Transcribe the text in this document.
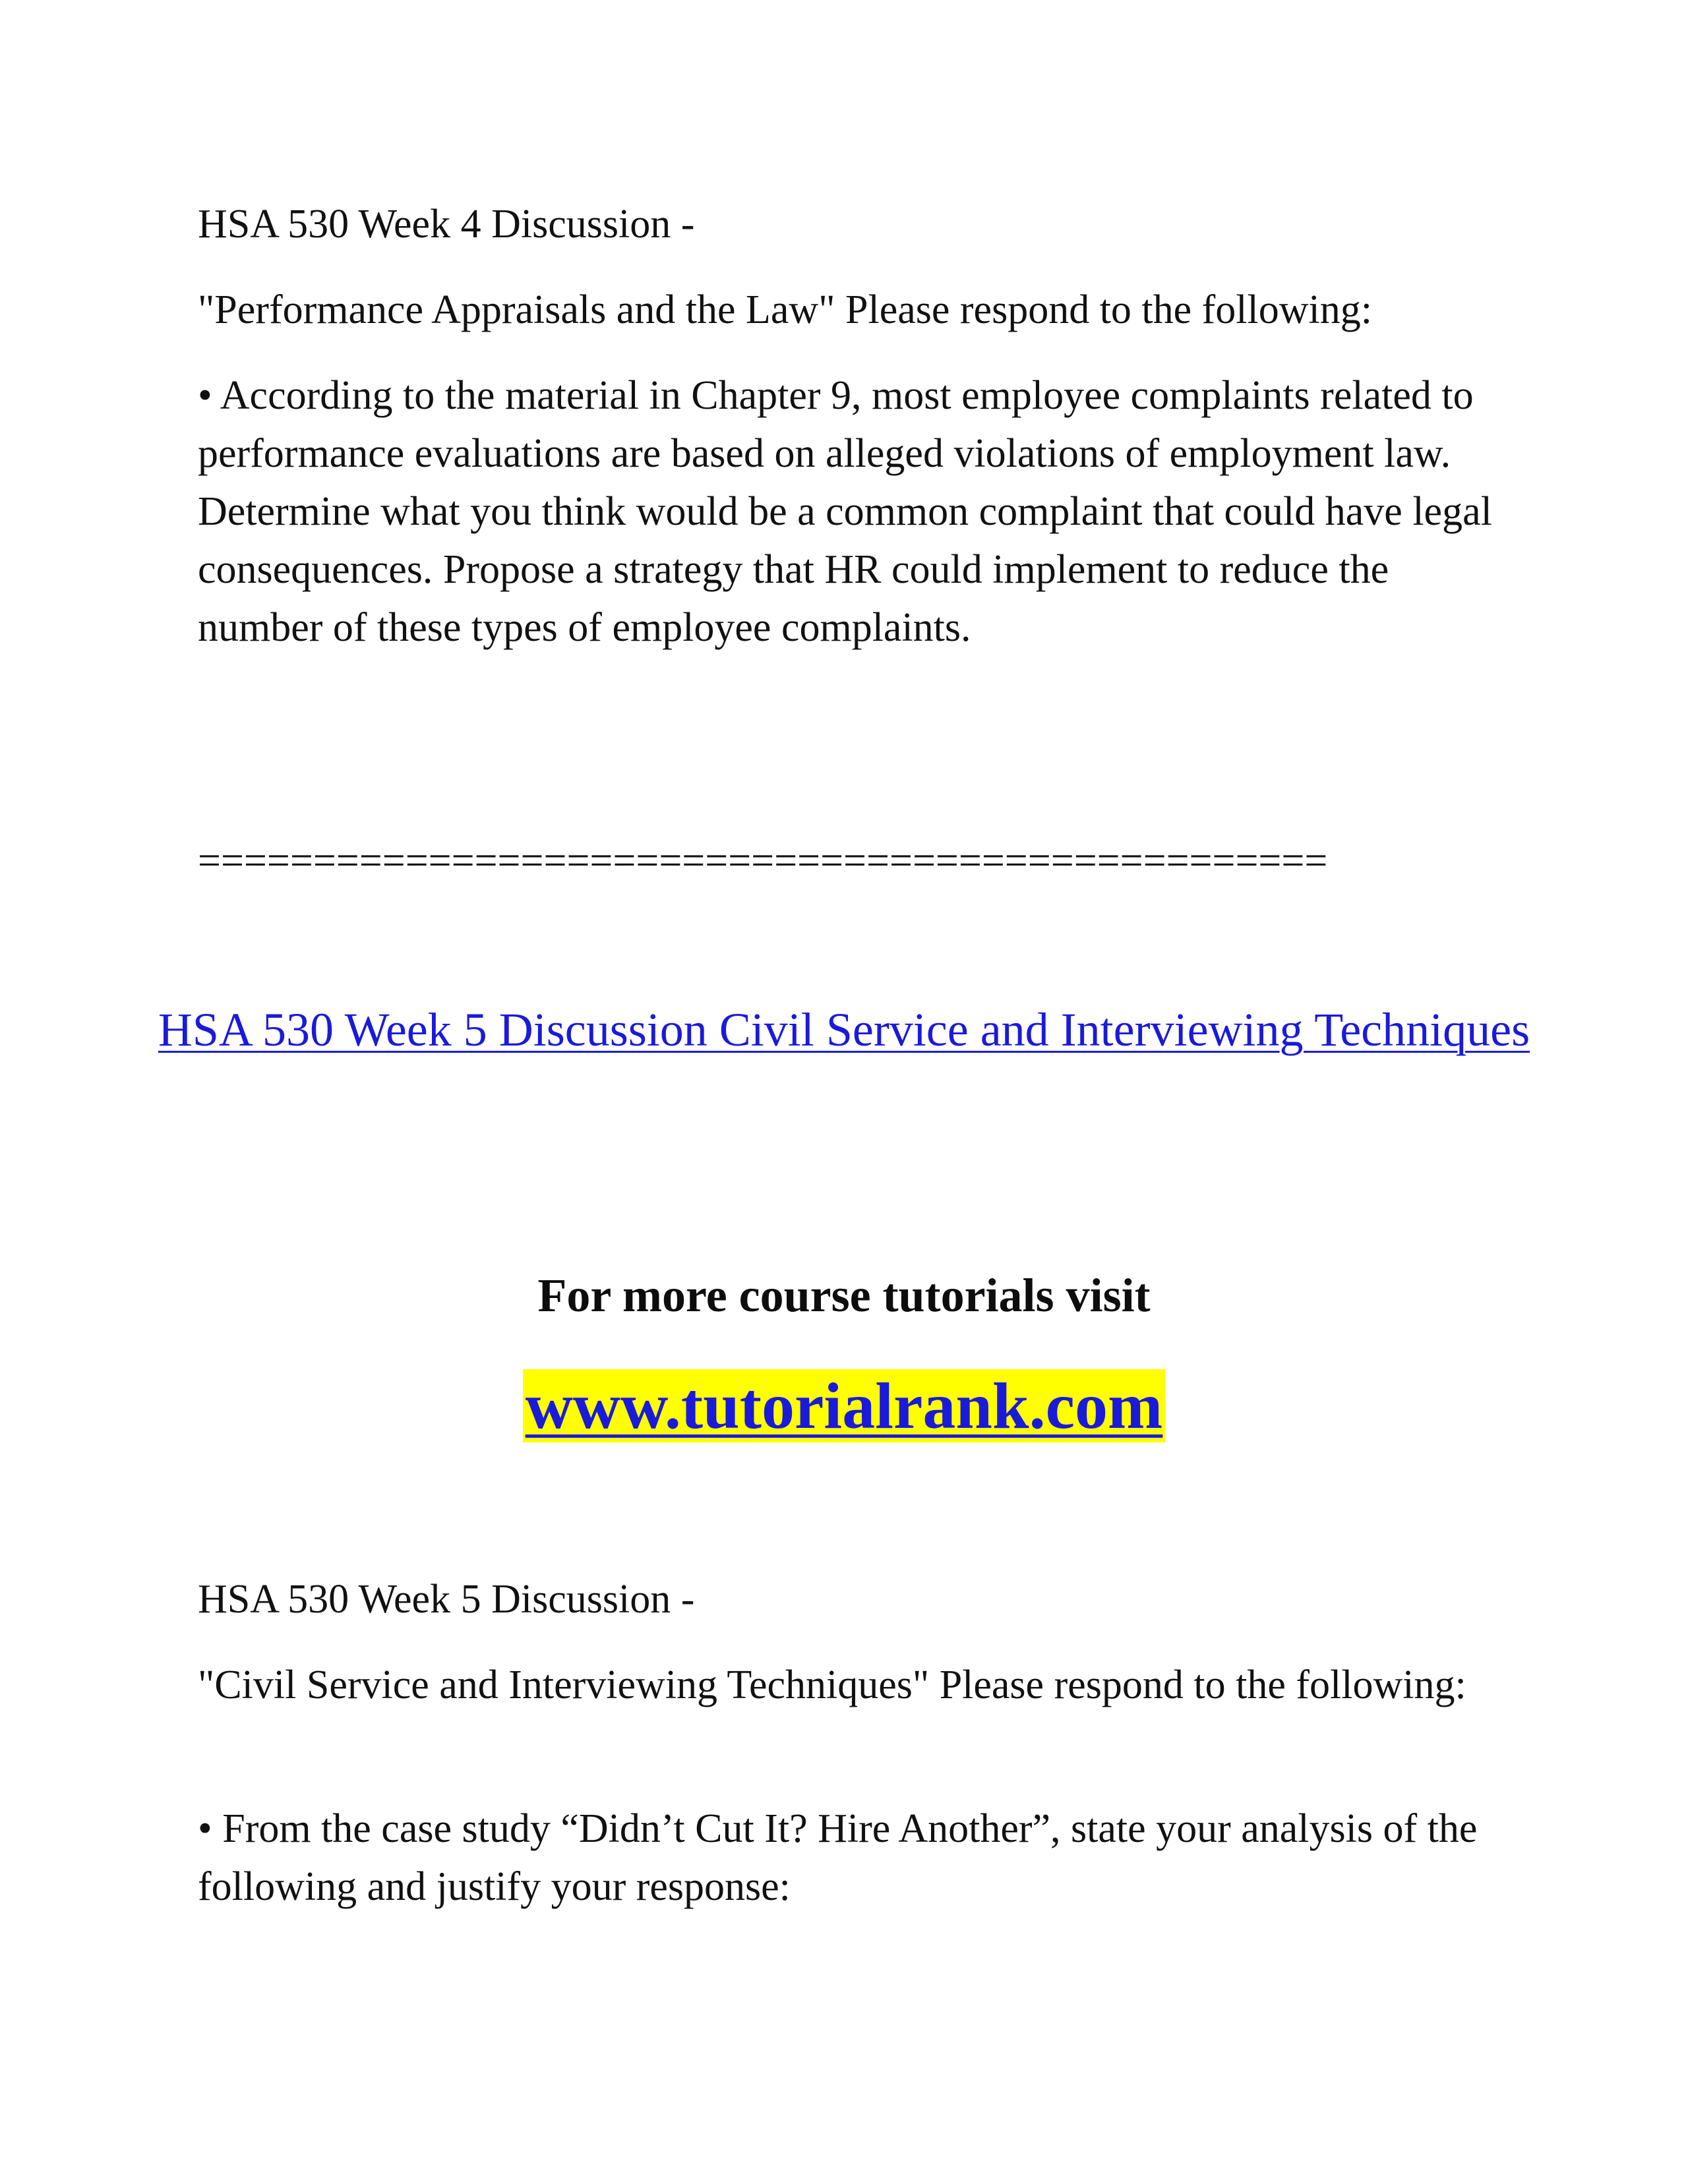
HSA 530 Week 4 Discussion -

"Performance Appraisals and the Law" Please respond to the following:

• According to the material in Chapter 9, most employee complaints related to performance evaluations are based on alleged violations of employment law. Determine what you think would be a common complaint that could have legal consequences. Propose a strategy that HR could implement to reduce the number of these types of employee complaints.

=================================================
HSA 530 Week 5 Discussion Civil Service and Interviewing Techniques
For more course tutorials visit
www.tutorialrank.com

HSA 530 Week 5 Discussion -

"Civil Service and Interviewing Techniques" Please respond to the following:

• From the case study “Didn’t Cut It? Hire Another”, state your analysis of the following and justify your response:
